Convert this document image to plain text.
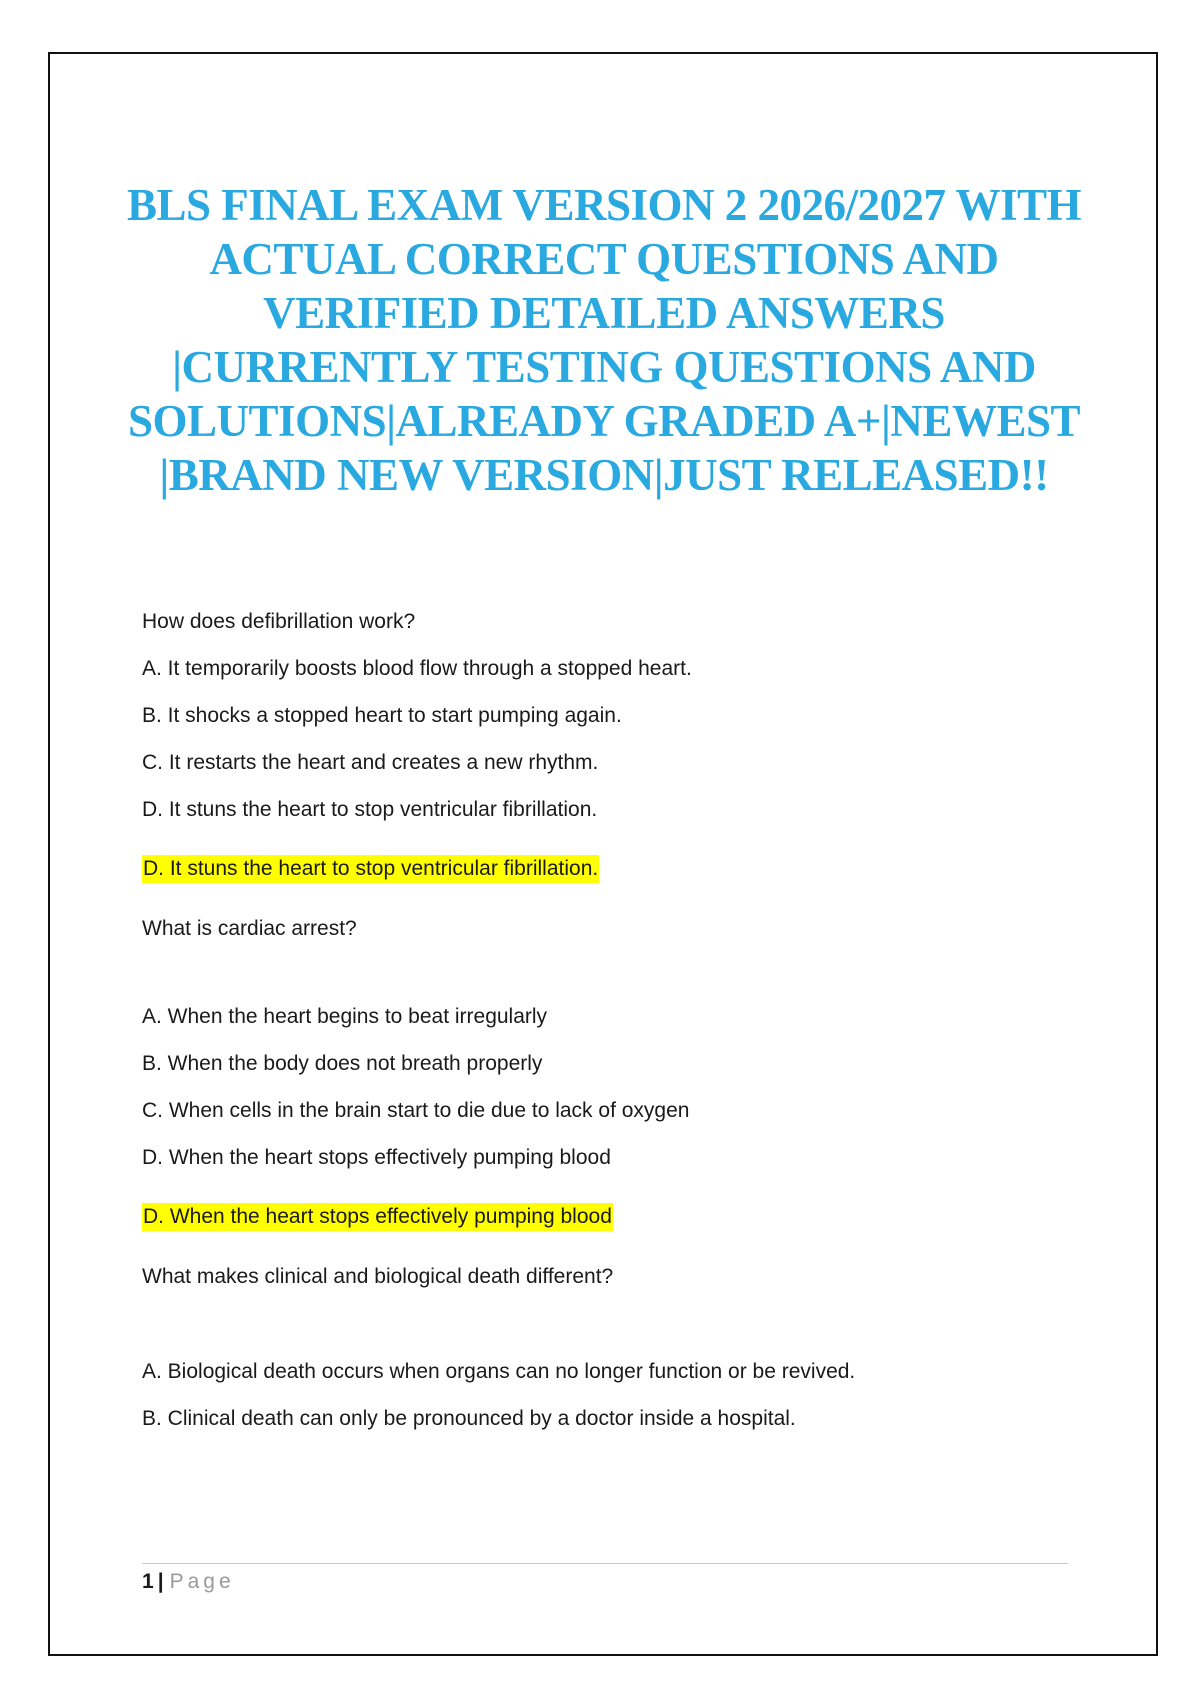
BLS FINAL EXAM VERSION 2 2026/2027 WITH ACTUAL CORRECT QUESTIONS AND VERIFIED DETAILED ANSWERS |CURRENTLY TESTING QUESTIONS AND SOLUTIONS|ALREADY GRADED A+|NEWEST |BRAND NEW VERSION|JUST RELEASED!!

How does defibrillation work?

A. It temporarily boosts blood flow through a stopped heart.

B. It shocks a stopped heart to start pumping again.

C. It restarts the heart and creates a new rhythm.

D. It stuns the heart to stop ventricular fibrillation.

D. It stuns the heart to stop ventricular fibrillation.

What is cardiac arrest?

A. When the heart begins to beat irregularly

B. When the body does not breath properly

C. When cells in the brain start to die due to lack of oxygen

D. When the heart stops effectively pumping blood

D. When the heart stops effectively pumping blood

What makes clinical and biological death different?

A. Biological death occurs when organs can no longer function or be revived.

B. Clinical death can only be pronounced by a doctor inside a hospital.

1 | Page
